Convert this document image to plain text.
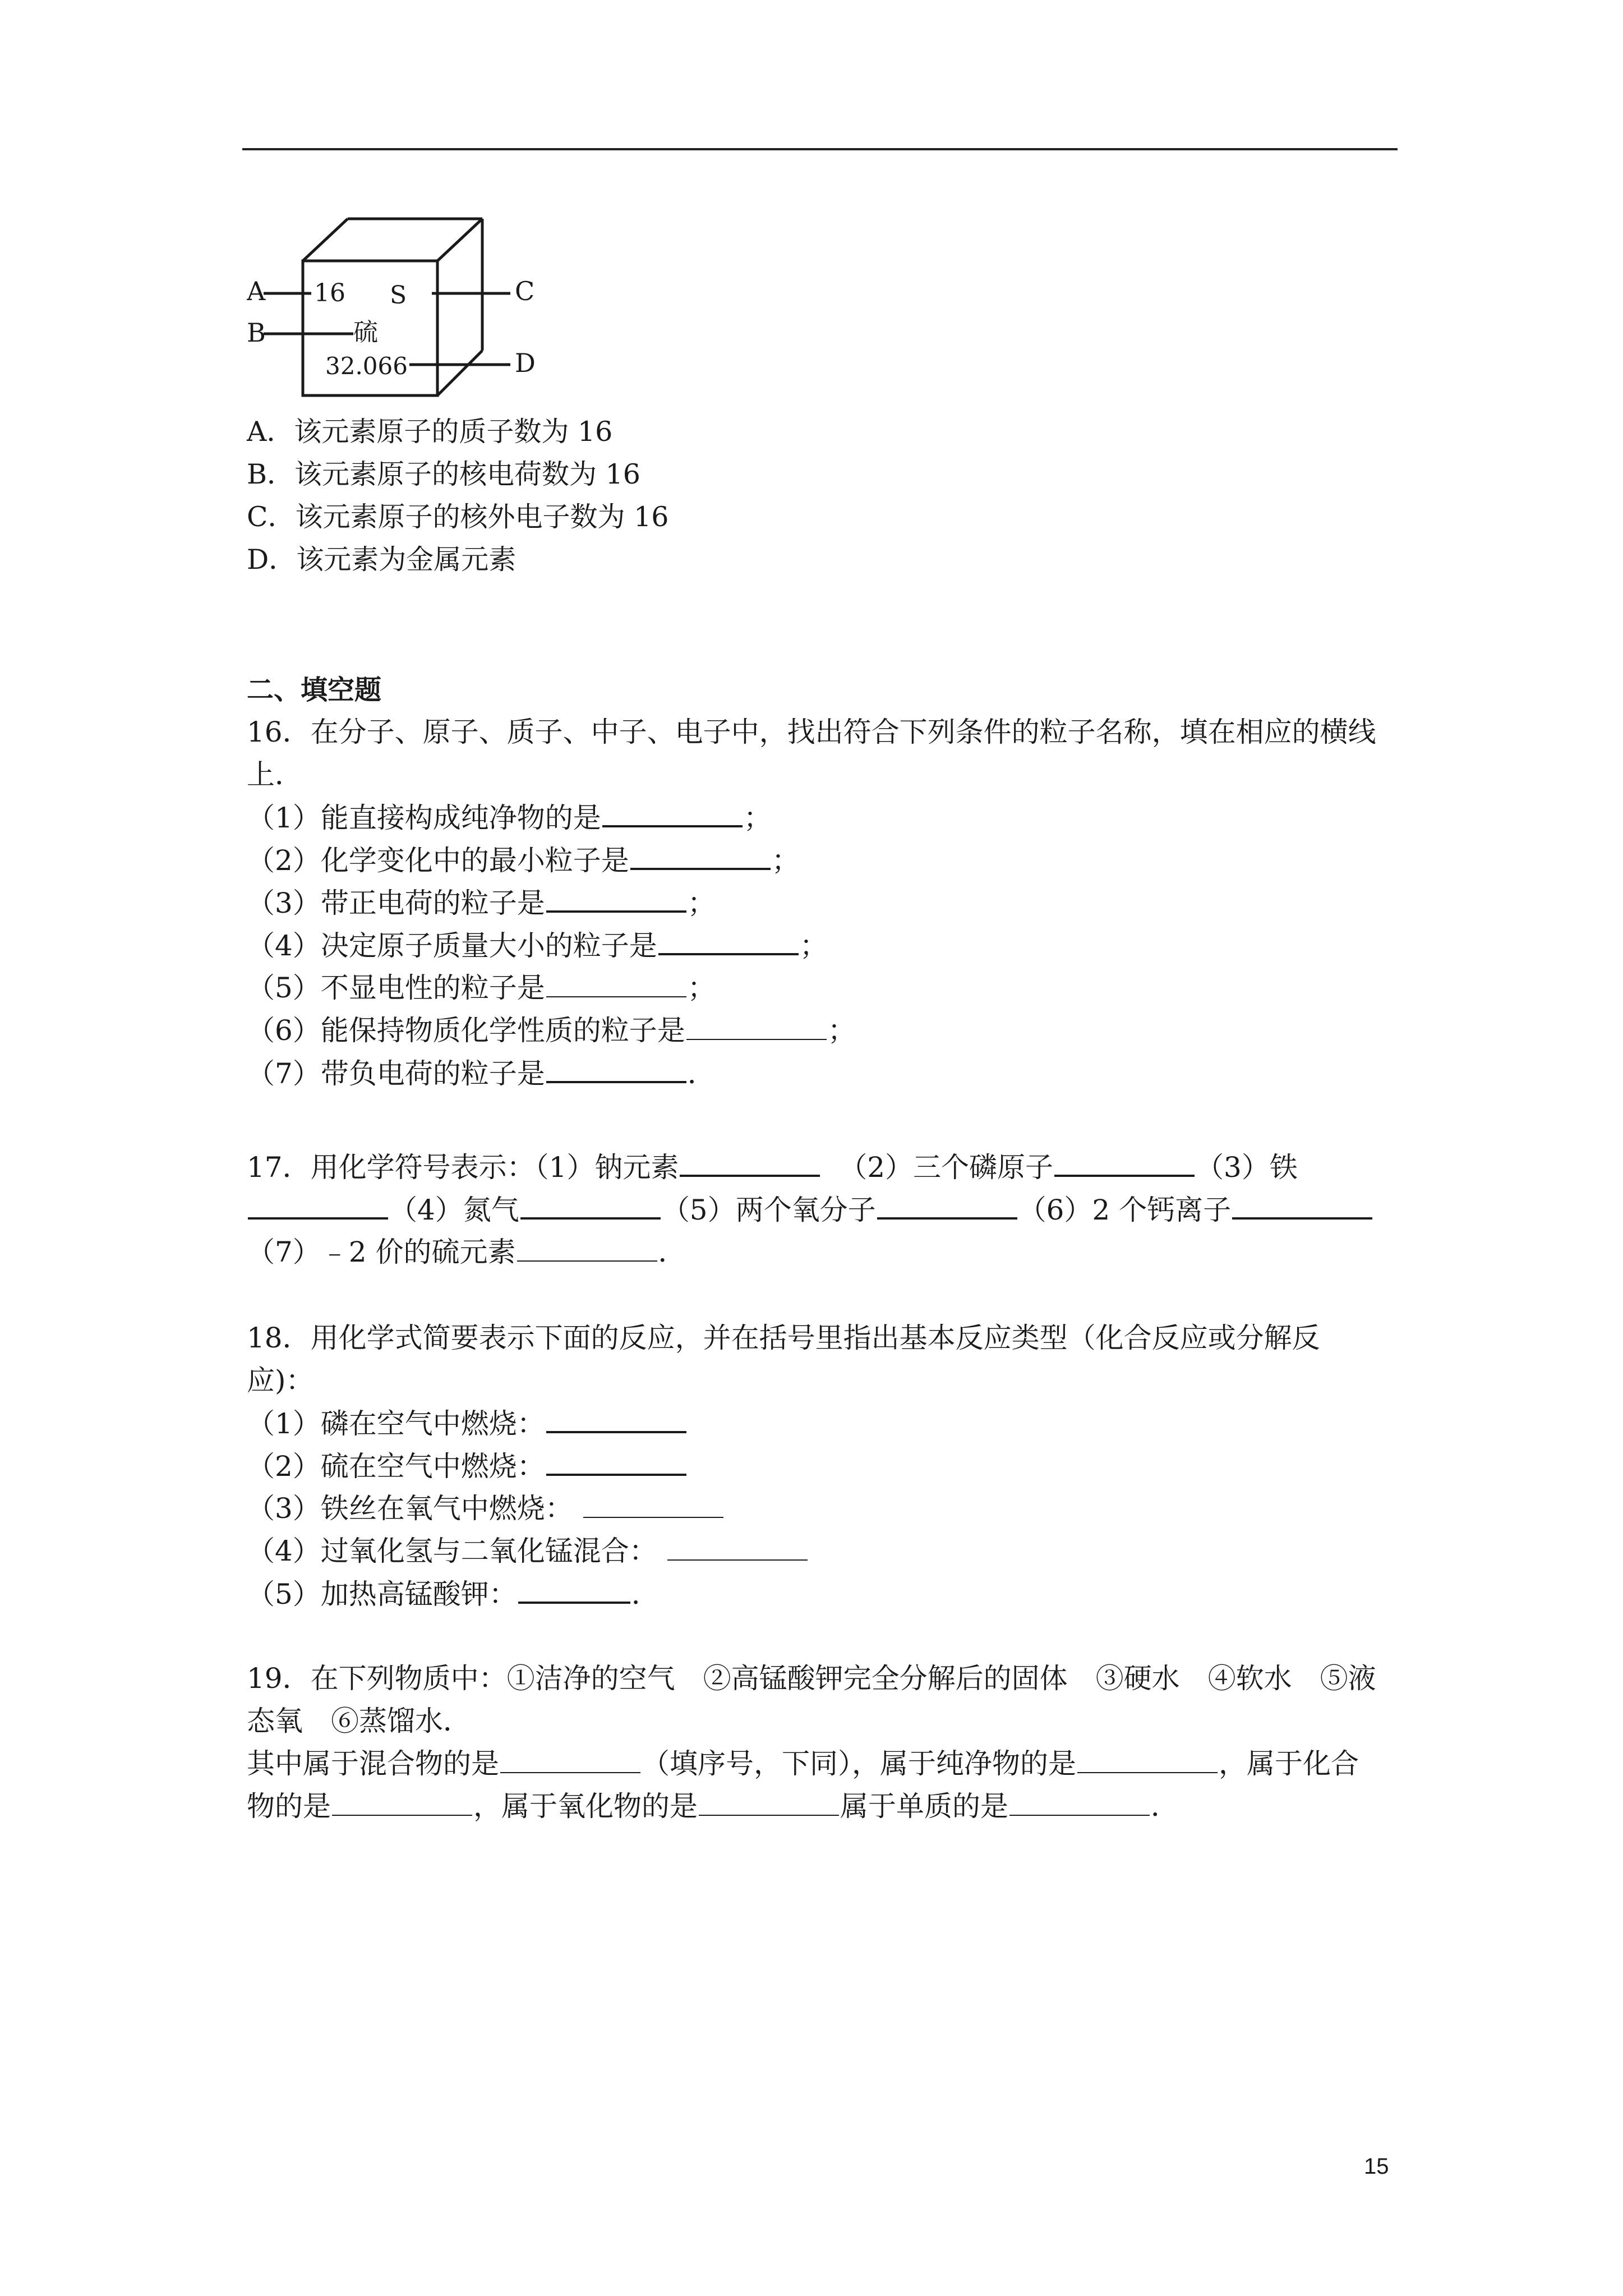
A
B
C
D
16 S
硫
32.066
A．该元素原子的质子数为 16
B．该元素原子的核电荷数为 16
C．该元素原子的核外电子数为 16
D．该元素为金属元素
二、填空题
16．在分子、原子、质子、中子、电子中，找出符合下列条件的粒子名称，填在相应的横线
上．
（1）能直接构成纯净物的是	；
（2）化学变化中的最小粒子是	；
（3）带正电荷的粒子是	；
（4）决定原子质量大小的粒子是	；
（5）不显电性的粒子是	；
（6）能保持物质化学性质的粒子是	；
（7）带负电荷的粒子是	．
17．用化学符号表示：（1）钠元素	（2）三个磷原子	（3）铁
（4）氮气	（5）两个氧分子	（6）2 个钙离子
（7）﹣2 价的硫元素	．
18．用化学式简要表示下面的反应，并在括号里指出基本反应类型（化合反应或分解反
应)：
（1）磷在空气中燃烧：
（2）硫在空气中燃烧：
（3）铁丝在氧气中燃烧：
（4）过氧化氢与二氧化锰混合：
（5）加热高锰酸钾：	．
19．在下列物质中：①洁净的空气　②高锰酸钾完全分解后的固体　③硬水　④软水　⑤液
态氧　⑥蒸馏水．
其中属于混合物的是	（填序号，下同），属于纯净物的是	，属于化合
物的是	，属于氧化物的是	属于单质的是	．
15
